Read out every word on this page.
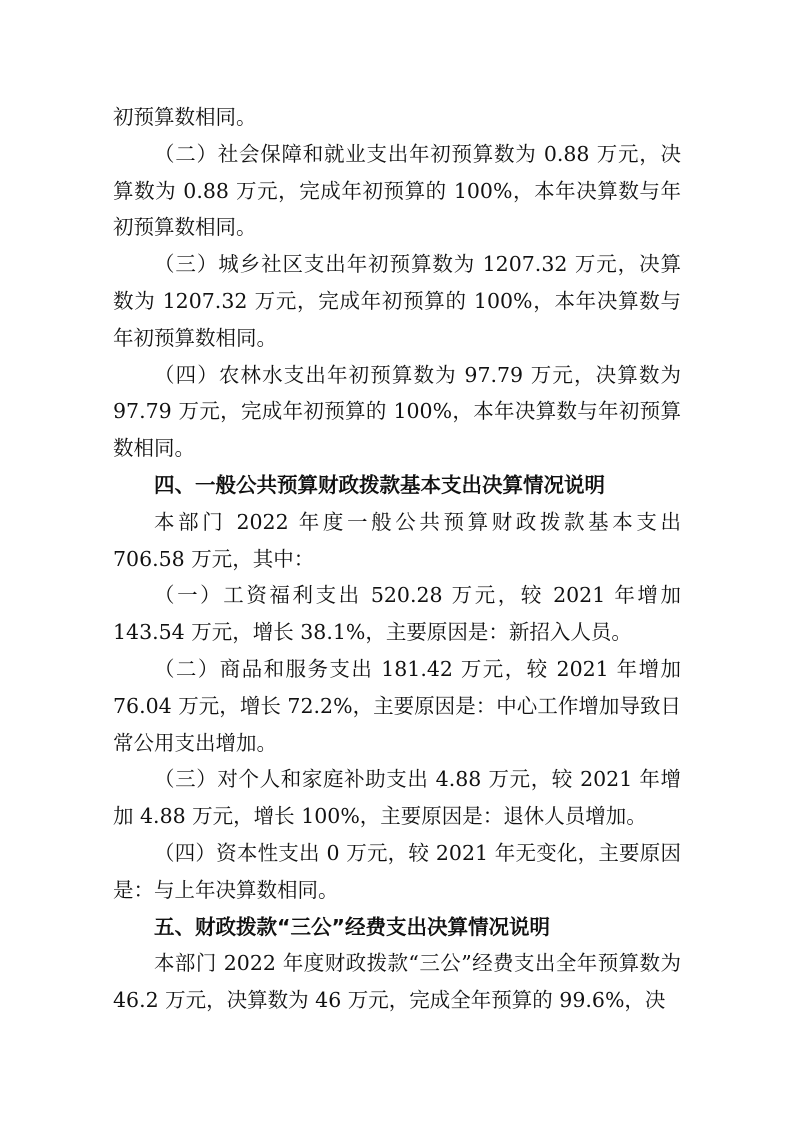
初预算数相同。

（二）社会保障和就业支出年初预算数为 0.88 万元，决算数为 0.88 万元，完成年初预算的 100%，本年决算数与年初预算数相同。

（三）城乡社区支出年初预算数为 1207.32 万元，决算数为 1207.32 万元，完成年初预算的 100%，本年决算数与年初预算数相同。

（四）农林水支出年初预算数为 97.79 万元，决算数为 97.79 万元，完成年初预算的 100%，本年决算数与年初预算数相同。

四、一般公共预算财政拨款基本支出决算情况说明

本部门 2022 年度一般公共预算财政拨款基本支出 706.58 万元，其中：

（一）工资福利支出 520.28 万元，较 2021 年增加 143.54 万元，增长 38.1%，主要原因是：新招入人员。

（二）商品和服务支出 181.42 万元，较 2021 年增加 76.04 万元，增长 72.2%，主要原因是：中心工作增加导致日常公用支出增加。

（三）对个人和家庭补助支出 4.88 万元，较 2021 年增加 4.88 万元，增长 100%，主要原因是：退休人员增加。

（四）资本性支出 0 万元，较 2021 年无变化，主要原因是：与上年决算数相同。

五、财政拨款“三公”经费支出决算情况说明

本部门 2022 年度财政拨款“三公”经费支出全年预算数为 46.2 万元，决算数为 46 万元，完成全年预算的 99.6%，决
